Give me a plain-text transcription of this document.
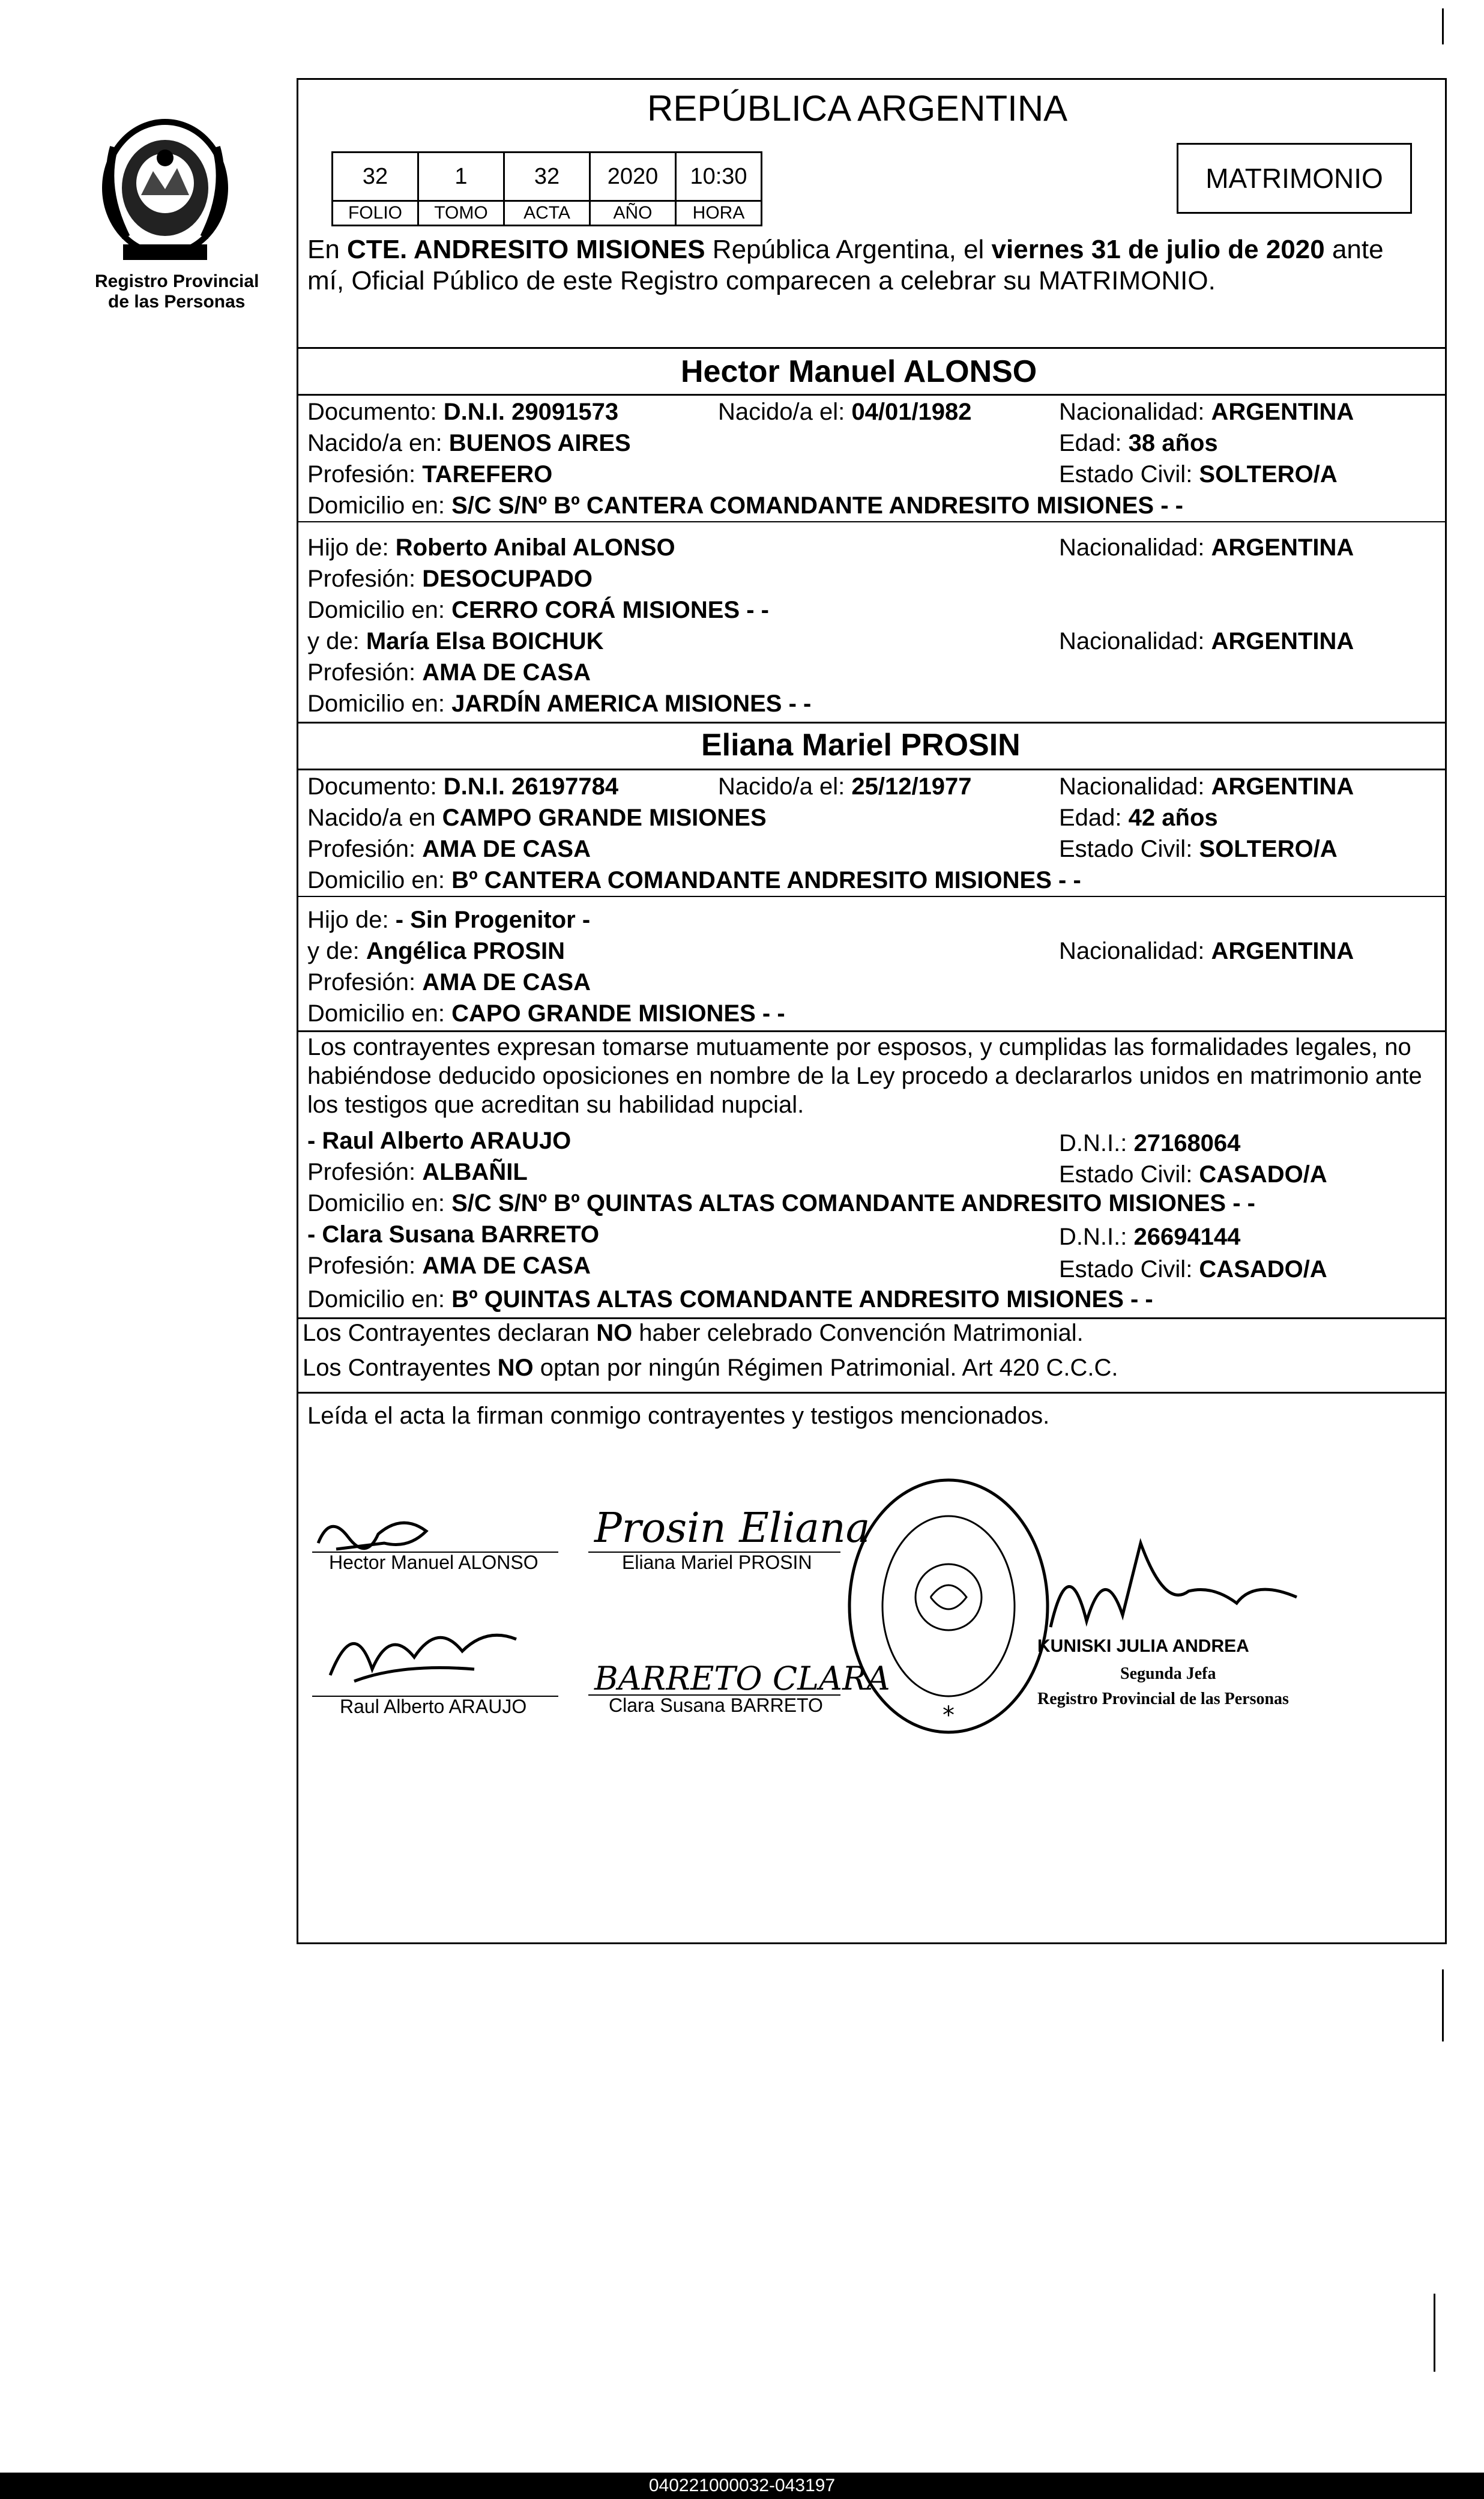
Registro Provincial
de las Personas
REPÚBLICA ARGENTINA
32	1	32	2020	10:30
FOLIO	TOMO	ACTA	AÑO	HORA
MATRIMONIO
En CTE. ANDRESITO MISIONES República Argentina, el viernes 31 de julio de 2020 ante
mí, Oficial Público de este Registro comparecen a celebrar su MATRIMONIO.
Hector Manuel ALONSO
Documento: D.N.I. 29091573	Nacido/a el: 04/01/1982	Nacionalidad: ARGENTINA
Nacido/a en: BUENOS AIRES	Edad: 38 años
Profesión: TAREFERO	Estado Civil: SOLTERO/A
Domicilio en: S/C S/Nº Bº CANTERA COMANDANTE ANDRESITO MISIONES - -
Hijo de: Roberto Anibal ALONSO	Nacionalidad: ARGENTINA
Profesión: DESOCUPADO
Domicilio en: CERRO CORÁ MISIONES - -
y de: María Elsa BOICHUK	Nacionalidad: ARGENTINA
Profesión: AMA DE CASA
Domicilio en: JARDÍN AMERICA MISIONES - -
Eliana Mariel PROSIN
Documento: D.N.I. 26197784	Nacido/a el: 25/12/1977	Nacionalidad: ARGENTINA
Nacido/a en CAMPO GRANDE MISIONES	Edad: 42 años
Profesión: AMA DE CASA	Estado Civil: SOLTERO/A
Domicilio en: Bº CANTERA COMANDANTE ANDRESITO MISIONES - -
Hijo de: - Sin Progenitor -
y de: Angélica PROSIN	Nacionalidad: ARGENTINA
Profesión: AMA DE CASA
Domicilio en: CAPO GRANDE MISIONES - -
Los contrayentes expresan tomarse mutuamente por esposos, y cumplidas las formalidades legales, no
habiéndose deducido oposiciones en nombre de la Ley procedo a declararlos unidos en matrimonio ante
los testigos que acreditan su habilidad nupcial.
- Raul Alberto ARAUJO	D.N.I.: 27168064
Profesión: ALBAÑIL	Estado Civil: CASADO/A
Domicilio en: S/C S/Nº Bº QUINTAS ALTAS COMANDANTE ANDRESITO MISIONES - -
- Clara Susana BARRETO	D.N.I.: 26694144
Profesión: AMA DE CASA	Estado Civil: CASADO/A
Domicilio en: Bº QUINTAS ALTAS COMANDANTE ANDRESITO MISIONES - -
Los Contrayentes declaran NO haber celebrado Convención Matrimonial.
Los Contrayentes NO optan por ningún Régimen Patrimonial. Art 420 C.C.C.
Leída el acta la firman conmigo contrayentes y testigos mencionados.
Hector Manuel ALONSO
Prosin Eliana
Eliana Mariel PROSIN
Raul Alberto ARAUJO
BARRETO CLARA
Clara Susana BARRETO	*
KUNISKI JULIA ANDREA
Segunda Jefa
Registro Provincial de las Personas
040221000032-043197
